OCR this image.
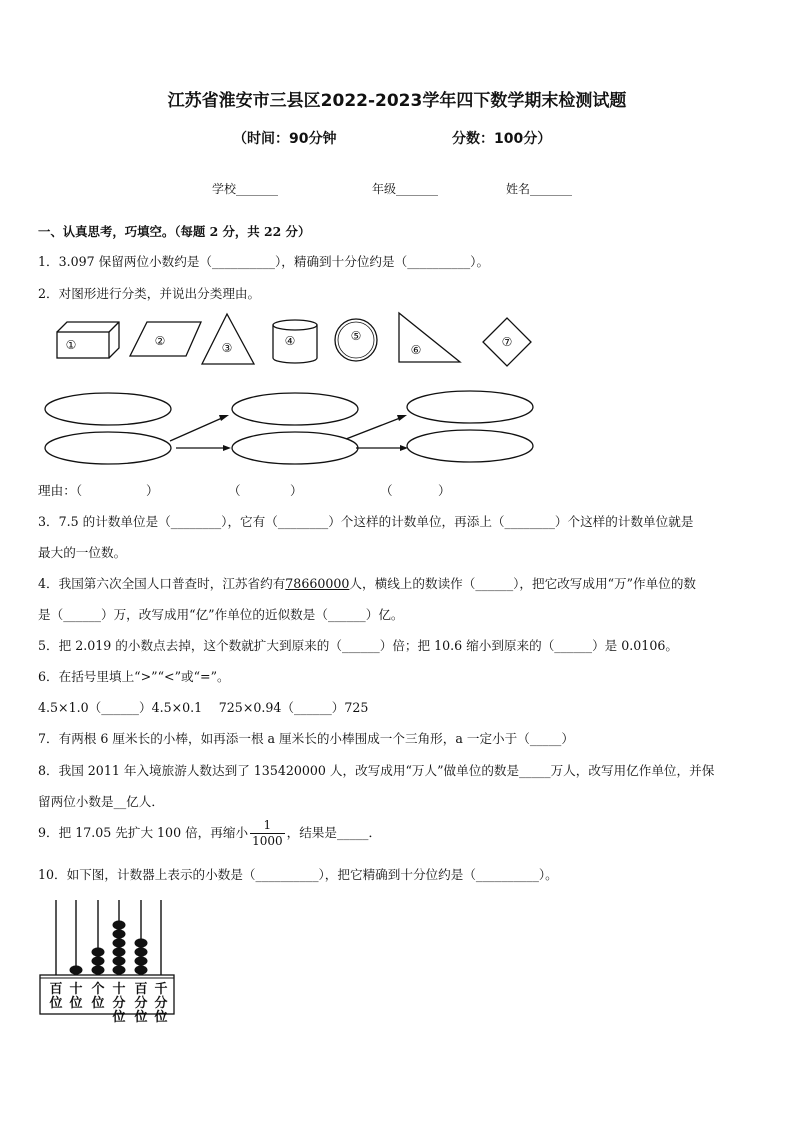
江苏省淮安市三县区2022-2023学年四下数学期末检测试题
（时间：90分钟	分数：100分）
学校_______	年级_______	姓名_______
一、认真思考，巧填空。（每题 2 分，共 22 分）
1．3.097 保留两位小数约是（__________），精确到十分位约是（__________）。
2．对图形进行分类，并说出分类理由。
①	②	③	④	⑤
⑥
⑦
理由：（	）	（	）	（	）
3．7.5 的计数单位是（________），它有（________）个这样的计数单位，再添上（________）个这样的计数单位就是
最大的一位数。
4．我国第六次全国人口普查时，江苏省约有78660000人，横线上的数读作（______），把它改写成用“万”作单位的数
是（______）万，改写成用“亿”作单位的近似数是（______）亿。
5．把 2.019 的小数点去掉，这个数就扩大到原来的（______）倍；把 10.6 缩小到原来的（______）是 0.0106。
6．在括号里填上“>”“<”或“=”。
4.5×1.0（______）4.5×0.1　 725×0.94（______）725
7．有两根 6 厘米长的小棒，如再添一根 a 厘米长的小棒围成一个三角形，a 一定小于（_____）
8．我国 2011 年入境旅游人数达到了 135420000 人，改写成用“万人”做单位的数是_____万人，改写用亿作单位，并保
留两位小数是__亿人．
9．把 17.05 先扩大 100 倍，再缩小 $\frac{1}{1000}$ ，结果是_____．
10．如下图，计数器上表示的小数是（__________），把它精确到十分位约是（__________）。
百
位
十
位
个
位
十
分
位
百
分
位
千
分
位
